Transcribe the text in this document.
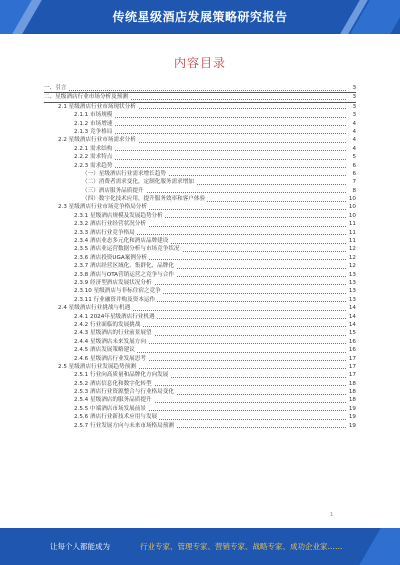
传统星级酒店发展策略研究报告
内容目录
一、引言	3
二、星级酒店行业市场分析及预测	3
2.1 星级酒店行业市场现状分析	3
2.1.1 市场规模	3
2.1.2 市场增速	4
2.1.3 竞争格局	4
2.2 星级酒店行业市场需求分析	4
2.2.1 需求结构	4
2.2.2 需求特点	5
2.2.3 需求趋势	6
（一）星级酒店行业需求增长趋势	6
（二）消费者需求变化，定制化服务需求增加	7
（三）酒店服务品质提升	8
（四）数字化技术应用，提升服务效率和客户体验	10
2.3 星级酒店行业市场竞争格局分析	10
2.3.1 星级酒店规模及发展趋势分析	10
2.3.2 酒店行业经营状况分析	11
2.3.3 酒店行业竞争格局	11
2.3.4 酒店业态多元化和酒店品牌建设	11
2.3.5 酒店业运营数据分析与市场竞争状况	12
2.3.6 酒店投资UGA案例分析	12
2.3.7 酒店经营区域化、集群化、品牌化	12
2.3.8 酒店与OTA营销运营之竞争与合作	13
2.3.9 经济型酒店发展状况分析	13
2.3.10 星级酒店与非标住宿之竞争	13
2.3.11 行业融资并购及资本运作	13
2.4 星级酒店行业挑战与机遇	14
2.4.1 2024年星级酒店行业机遇	14
2.4.2 行业面临的发展挑战	14
2.4.3 星级酒店的行业前景展望	15
2.4.4 星级酒店未来发展方向	16
2.4.5 酒店发展策略建议	16
2.4.6 星级酒店行业发展思考	17
2.5 星级酒店行业发展趋势预测	17
2.5.1 行业向高质量和品牌化方向发展	17
2.5.2 酒店信息化和数字化转型	18
2.5.3 酒店行业资源整合与行业格局变化	18
2.5.4 星级酒店的服务品质提升	18
2.5.5 中端酒店市场发展前景	19
2.5.6 酒店行业新技术应用与发展	19
2.5.7 行业发展方向与未来市场格局预测	19
1
让每个人都能成为	行业专家、管理专家、营销专家、战略专家、成功企业家……
